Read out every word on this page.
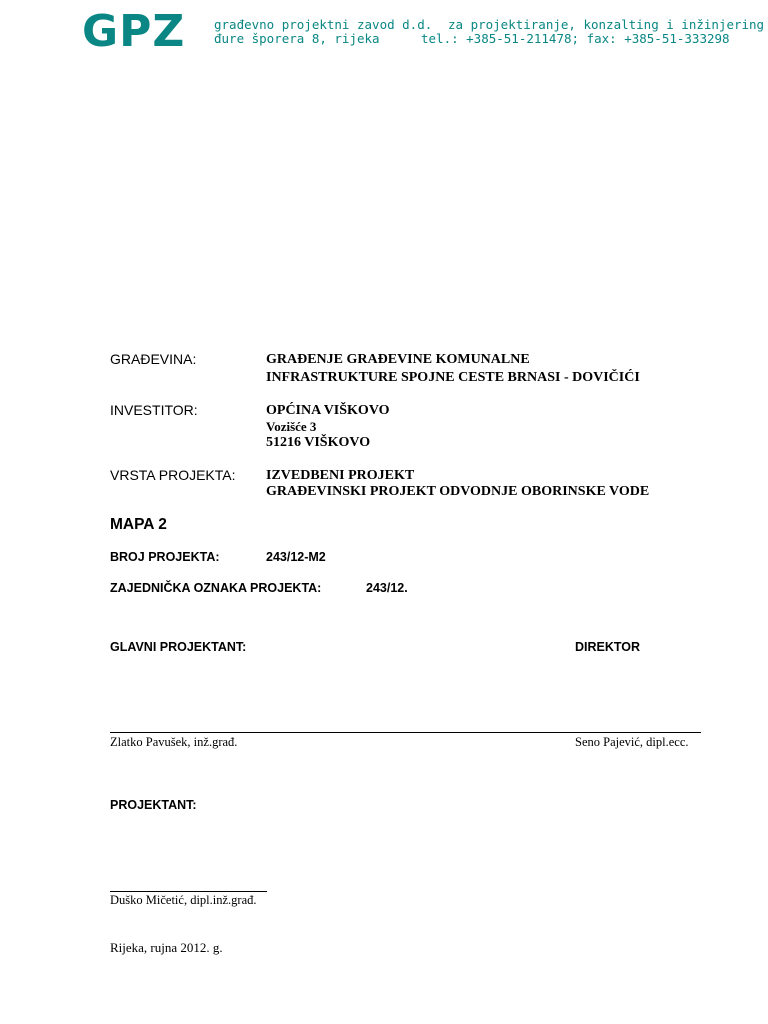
GPZ građevno projektni zavod d.d.
đure šporera 8, rijeka
za projektiranje, konzalting i inžinjering
tel.: +385-51-211478; fax: +385-51-333298
GRAĐEVINA:	GRAĐENJE GRAĐEVINE KOMUNALNE
INFRASTRUKTURE SPOJNE CESTE BRNASI - DOVIČIĆI
INVESTITOR:	OPĆINA VIŠKOVO
Vozišće 3
51216 VIŠKOVO
VRSTA PROJEKTA: IZVEDBENI PROJEKT
GRAĐEVINSKI PROJEKT ODVODNJE OBORINSKE VODE
MAPA 2
BROJ PROJEKTA:	243/12-M2
ZAJEDNIČKA OZNAKA PROJEKTA:	243/12.
GLAVNI PROJEKTANT:	DIREKTOR
Zlatko Pavušek, inž.građ.	Seno Pajević, dipl.ecc.
PROJEKTANT:
Duško Mičetić, dipl.inž.građ.
Rijeka, rujna 2012. g.
